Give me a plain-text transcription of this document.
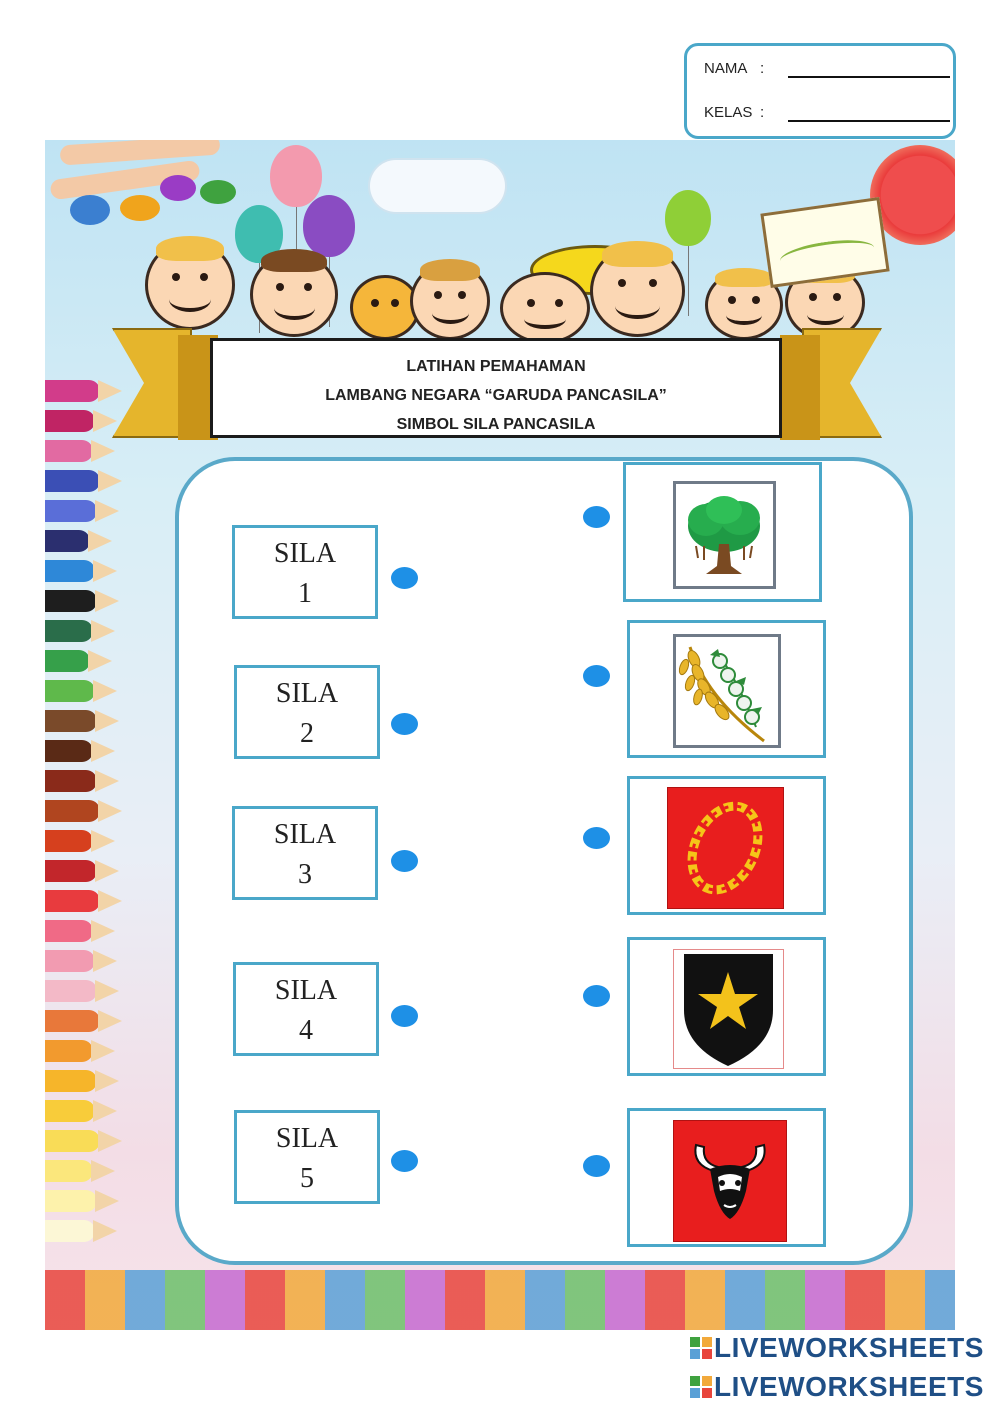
NAMA :
KELAS :
LATIHAN PEMAHAMAN
LAMBANG NEGARA “GARUDA PANCASILA”
SIMBOL SILA PANCASILA
SILA
1
SILA
2
SILA
3
SILA
4
SILA
5
LIVEWORKSHEETS
LIVEWORKSHEETS
